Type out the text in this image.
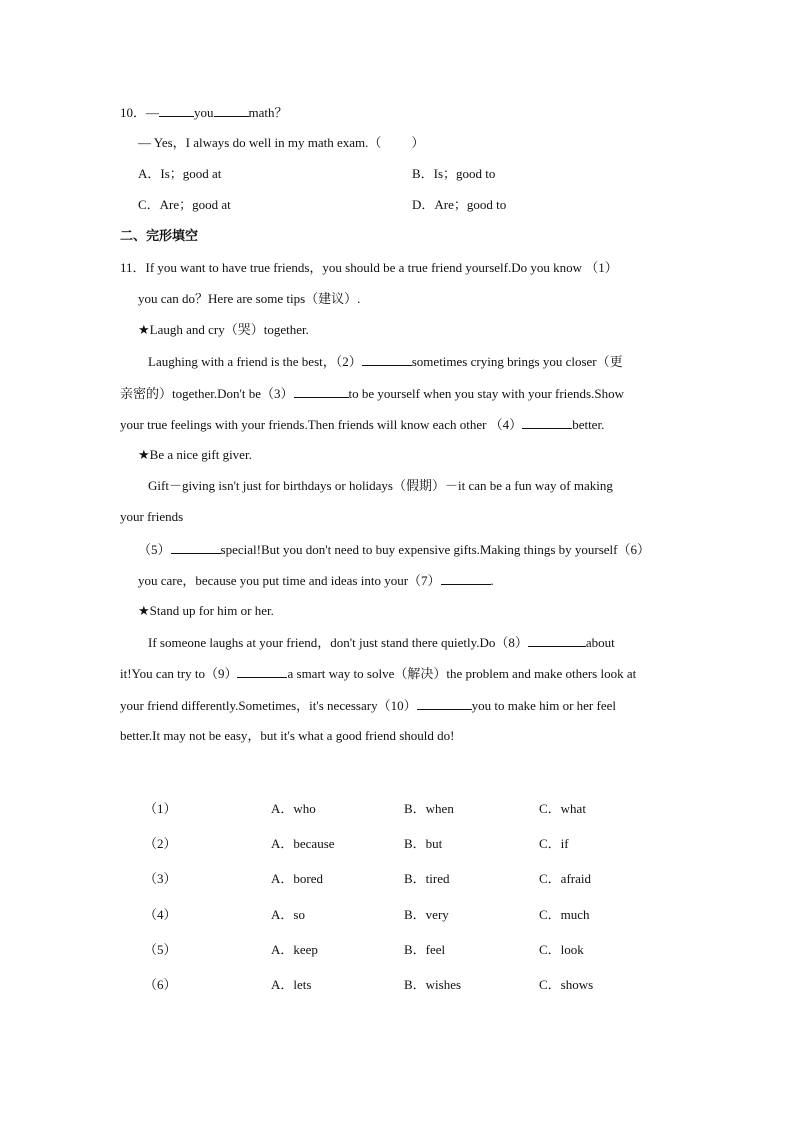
10．—	you	math？
— Yes，I always do well in my math exam.（ ）
A．Is；good at	B．Is；good to
C．Are；good at	D．Are；good to
二、完形填空
11．If you want to have true friends，you should be a true friend yourself.Do you know （1）
you can do？Here are some tips（建议）.
★Laugh and cry（哭）together.
Laughing with a friend is the best，（2）	sometimes crying brings you closer（更
亲密的）together.Don't be（3）	to be yourself when you stay with your friends.Show
your true feelings with your friends.Then friends will know each other （4）	better.
★Be a nice gift giver.
Gift－giving isn't just for birthdays or holidays（假期）－it can be a fun way of making
your friends
（5）	special!But you don't need to buy expensive gifts.Making things by yourself（6）
you care，because you put time and ideas into your（7）	.
★Stand up for him or her.
If someone laughs at your friend，don't just stand there quietly.Do（8）	about
it!You can try to（9）	a smart way to solve（解决）the problem and make others look at
your friend differently.Sometimes，it's necessary（10）	you to make him or her feel
better.It may not be easy，but it's what a good friend should do!
（1）	A．who	B．when	C．what
（2）	A．because	B．but	C．if
（3）	A．bored	B．tired	C．afraid
（4）	A．so	B．very	C．much
（5）	A．keep	B．feel	C．look
（6）	A．lets	B．wishes	C．shows
